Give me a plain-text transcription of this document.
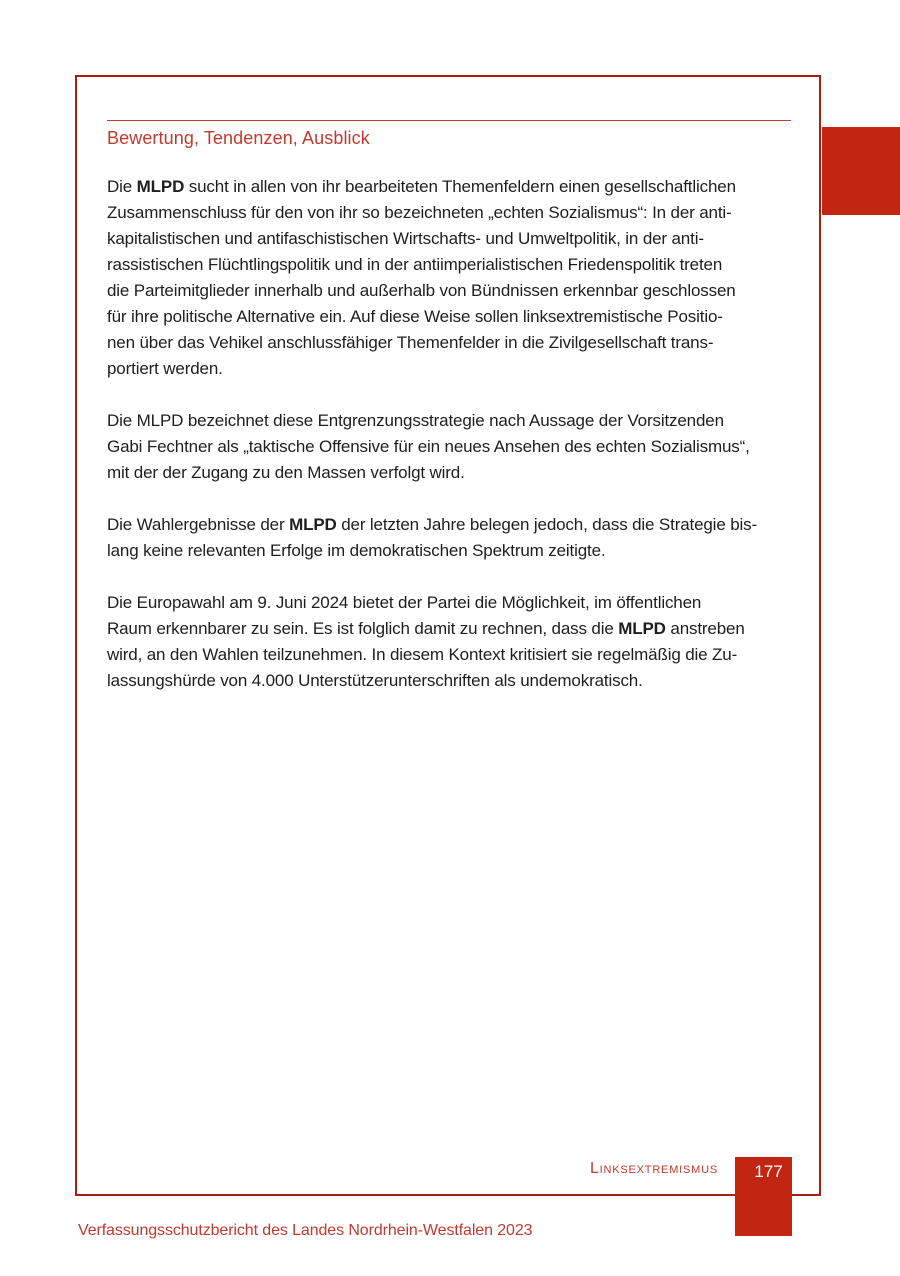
Bewertung, Tendenzen, Ausblick
Die MLPD sucht in allen von ihr bearbeiteten Themenfeldern einen gesellschaftlichen
Zusammenschluss für den von ihr so bezeichneten „echten Sozialismus“: In der anti-
kapitalistischen und antifaschistischen Wirtschafts- und Umweltpolitik, in der anti-
rassistischen Flüchtlingspolitik und in der antiimperialistischen Friedenspolitik treten
die Parteimitglieder innerhalb und außerhalb von Bündnissen erkennbar geschlossen
für ihre politische Alternative ein. Auf diese Weise sollen linksextremistische Positio-
nen über das Vehikel anschlussfähiger Themenfelder in die Zivilgesellschaft trans-
portiert werden.
Die MLPD bezeichnet diese Entgrenzungsstrategie nach Aussage der Vorsitzenden
Gabi Fechtner als „taktische Offensive für ein neues Ansehen des echten Sozialismus“,
mit der der Zugang zu den Massen verfolgt wird.
Die Wahlergebnisse der MLPD der letzten Jahre belegen jedoch, dass die Strategie bis-
lang keine relevanten Erfolge im demokratischen Spektrum zeitigte.
Die Europawahl am 9. Juni 2024 bietet der Partei die Möglichkeit, im öffentlichen
Raum erkennbarer zu sein. Es ist folglich damit zu rechnen, dass die MLPD anstreben
wird, an den Wahlen teilzunehmen. In diesem Kontext kritisiert sie regelmäßig die Zu-
lassungshürde von 4.000 Unterstützerunterschriften als undemokratisch.
Linksextremismus	177
Verfassungsschutzbericht des Landes Nordrhein-Westfalen 2023
